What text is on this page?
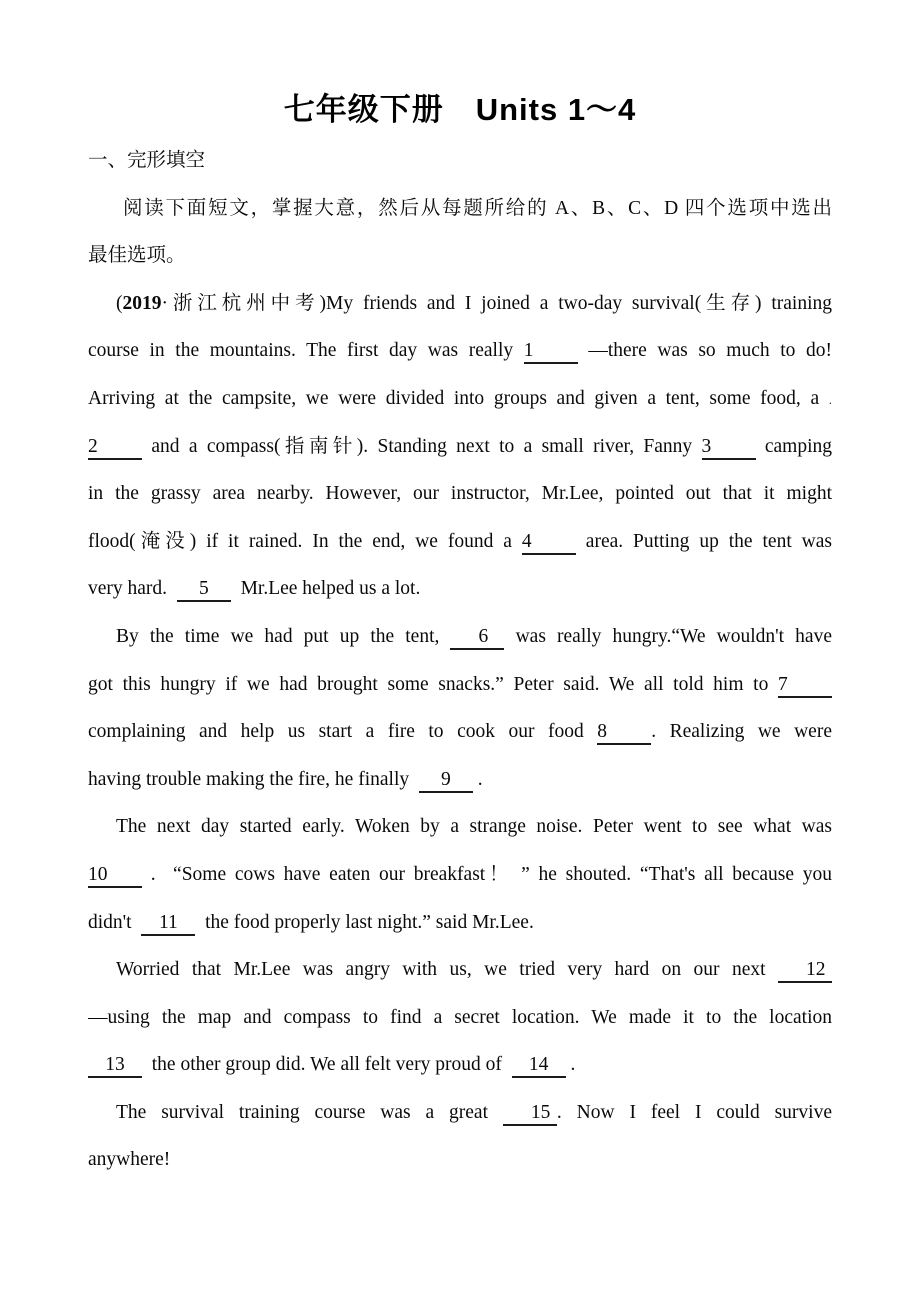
七年级下册　Units 1～4
一、完形填空
阅读下面短文，掌握大意，然后从每题所给的 A、B、C、D 四个选项中选出
最佳选项。
(2019·浙江杭州中考)My friends and I joined a two-day survival(生存) training
course in the mountains. The first day was really 1 —there was so much to do!
Arriving at the campsite, we were divided into groups and given a tent, some food, a .
2 and a compass(指南针). Standing next to a small river, Fanny 3 camping
in the grassy area nearby. However, our instructor, Mr.Lee, pointed out that it might
flood(淹没) if it rained. In the end, we found a 4 area. Putting up the tent was
very hard.  5  Mr.Lee helped us a lot.
By the time we had put up the tent, 6 was really hungry.“We wouldn't have
got this hungry if we had brought some snacks.” Peter said. We all told him to 7
complaining and help us start a fire to cook our food 8 . Realizing we were
having trouble making the fire, he finally  9 .
The next day started early. Woken by a strange noise. Peter went to see what was
10 .  “Some cows have eaten our breakfast！ ” he shouted. “That's all because you
didn't  11  the food properly last night.” said Mr.Lee.
Worried that Mr.Lee was angry with us, we tried very hard on our next 12
—using the map and compass to find a secret location. We made it to the location
13  the other group did. We all felt very proud of  14 .
The survival training course was a great 15 . Now I feel I could survive
anywhere!
